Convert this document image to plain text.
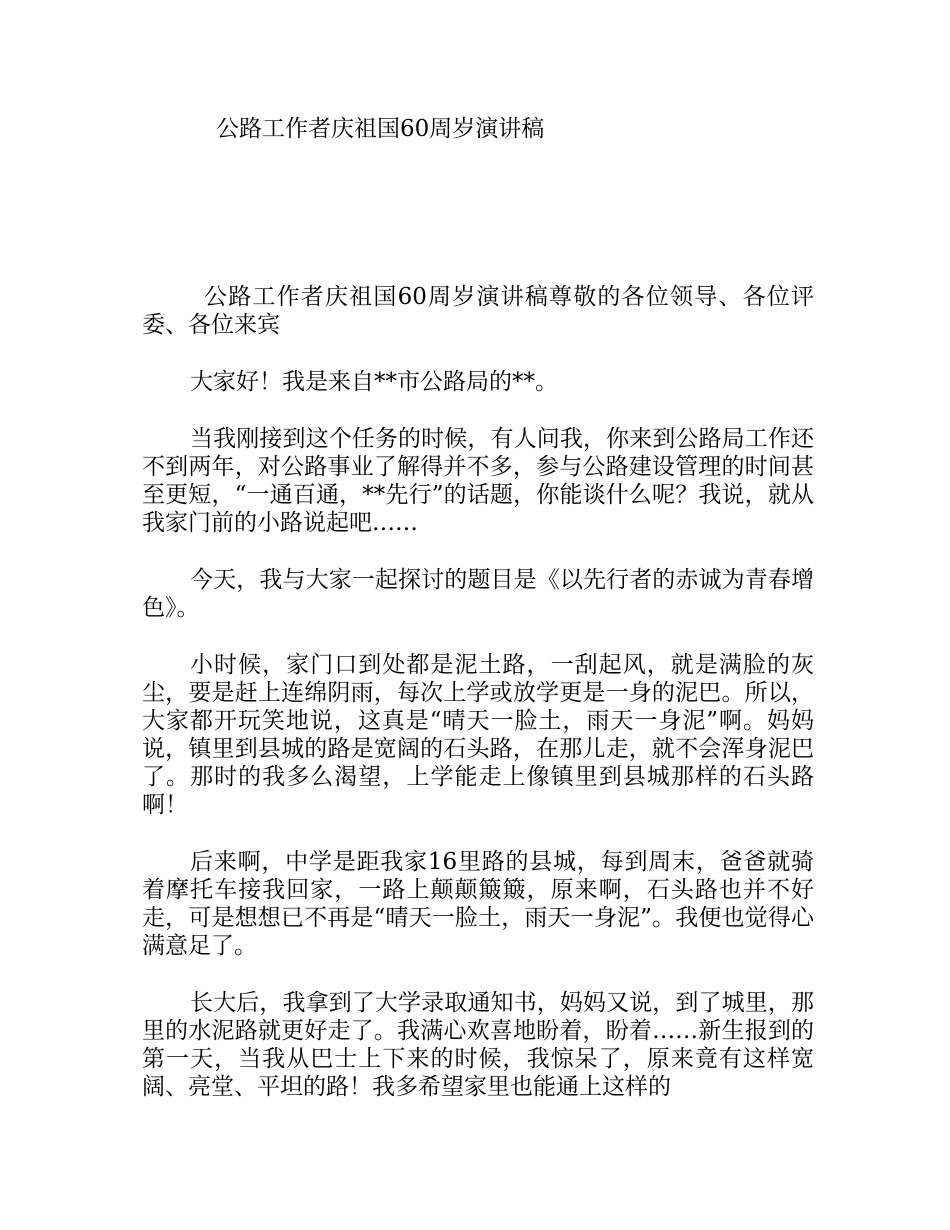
公路工作者庆祖国60周岁演讲稿

公路工作者庆祖国60周岁演讲稿尊敬的各位领导、各位评委、各位来宾

大家好！我是来自**市公路局的**。

当我刚接到这个任务的时候，有人问我，你来到公路局工作还不到两年，对公路事业了解得并不多，参与公路建设管理的时间甚至更短，“一通百通，**先行”的话题，你能谈什么呢？我说，就从我家门前的小路说起吧……

今天，我与大家一起探讨的题目是《以先行者的赤诚为青春增色》。

小时候，家门口到处都是泥土路，一刮起风，就是满脸的灰尘，要是赶上连绵阴雨，每次上学或放学更是一身的泥巴。所以，大家都开玩笑地说，这真是“晴天一脸土，雨天一身泥”啊。妈妈说，镇里到县城的路是宽阔的石头路，在那儿走，就不会浑身泥巴了。那时的我多么渴望，上学能走上像镇里到县城那样的石头路啊！

后来啊，中学是距我家16里路的县城，每到周末，爸爸就骑着摩托车接我回家，一路上颠颠簸簸，原来啊，石头路也并不好走，可是想想已不再是“晴天一脸土，雨天一身泥”。我便也觉得心满意足了。

长大后，我拿到了大学录取通知书，妈妈又说，到了城里，那里的水泥路就更好走了。我满心欢喜地盼着，盼着……新生报到的第一天，当我从巴士上下来的时候，我惊呆了，原来竟有这样宽阔、亮堂、平坦的路！我多希望家里也能通上这样的
